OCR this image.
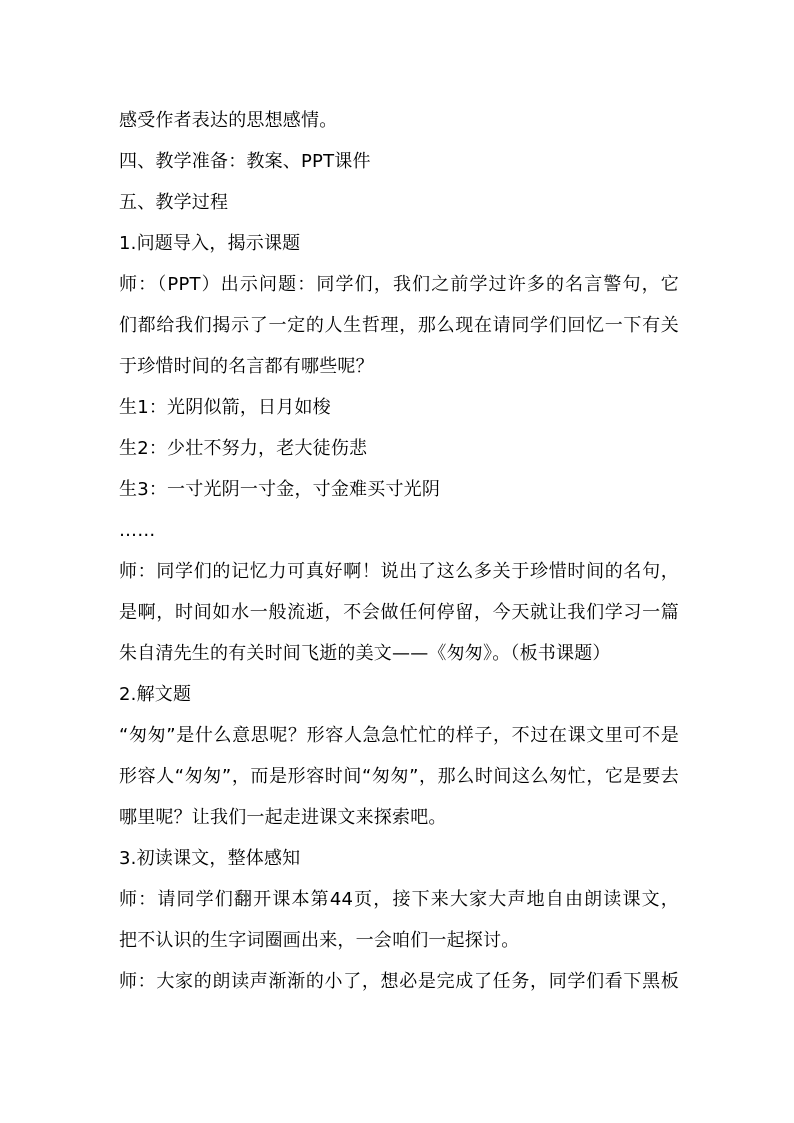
感受作者表达的思想感情。
四、教学准备：教案、PPT课件
五、教学过程
1.问题导入，揭示课题
师：（PPT）出示问题：同学们，我们之前学过许多的名言警句，它
们都给我们揭示了一定的人生哲理，那么现在请同学们回忆一下有关
于珍惜时间的名言都有哪些呢？
生1：光阴似箭，日月如梭
生2：少壮不努力，老大徒伤悲
生3：一寸光阴一寸金，寸金难买寸光阴
……
师：同学们的记忆力可真好啊！说出了这么多关于珍惜时间的名句，
是啊，时间如水一般流逝，不会做任何停留，今天就让我们学习一篇
朱自清先生的有关时间飞逝的美文——《匆匆》。（板书课题）
2.解文题
“匆匆”是什么意思呢？形容人急急忙忙的样子，不过在课文里可不是
形容人“匆匆”，而是形容时间“匆匆”，那么时间这么匆忙，它是要去
哪里呢？让我们一起走进课文来探索吧。
3.初读课文，整体感知
师：请同学们翻开课本第44页，接下来大家大声地自由朗读课文，
把不认识的生字词圈画出来，一会咱们一起探讨。
师：大家的朗读声渐渐的小了，想必是完成了任务，同学们看下黑板
